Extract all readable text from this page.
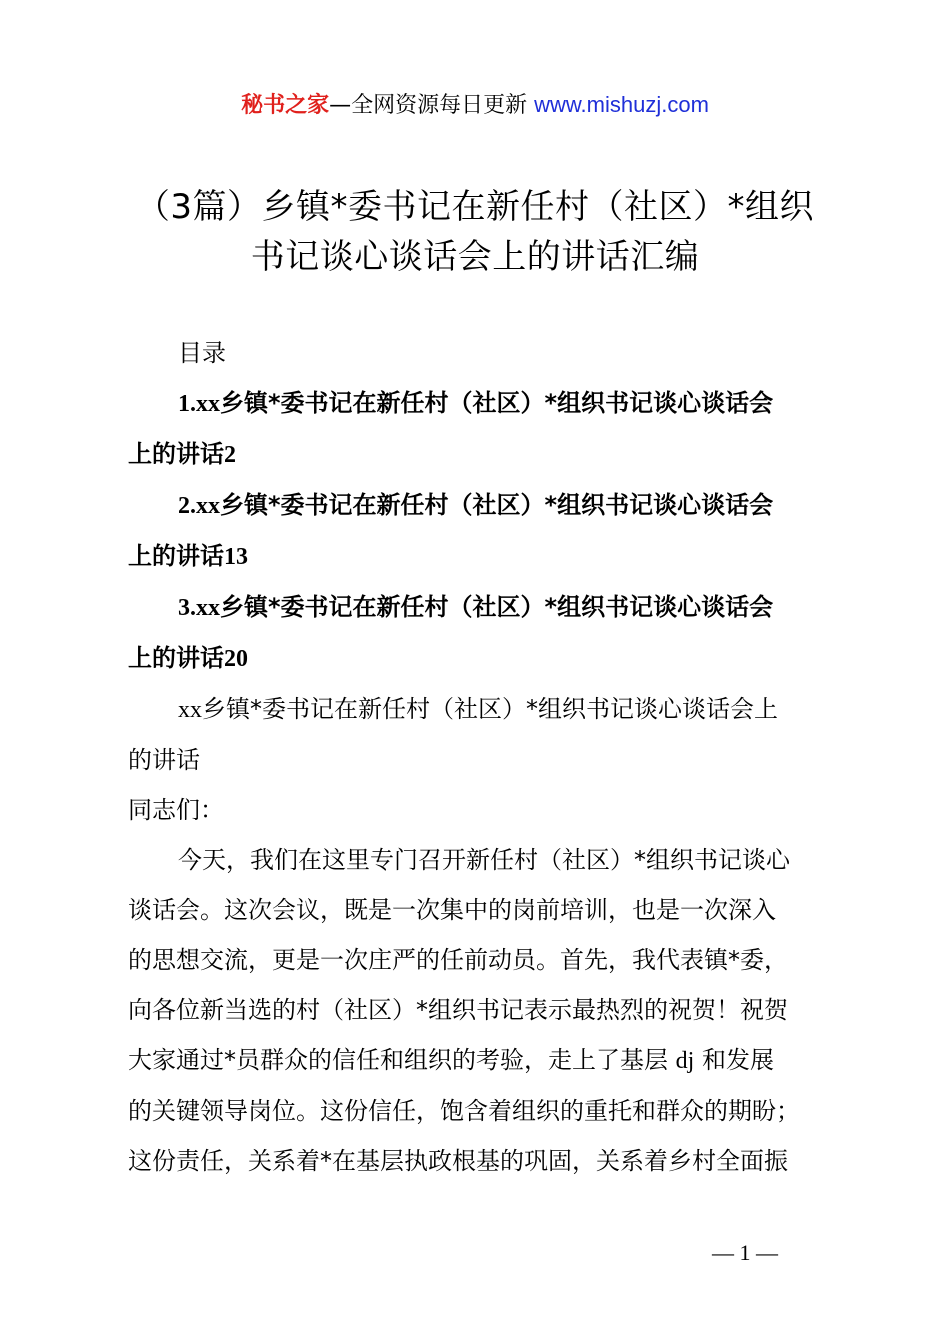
秘书之家—全网资源每日更新 www.mishuzj.com
（3篇）乡镇*委书记在新任村（社区）*组织
书记谈心谈话会上的讲话汇编

目录

1.xx乡镇*委书记在新任村（社区）*组织书记谈心谈话会

上的讲话2

2.xx乡镇*委书记在新任村（社区）*组织书记谈心谈话会

上的讲话13

3.xx乡镇*委书记在新任村（社区）*组织书记谈心谈话会

上的讲话20

xx乡镇*委书记在新任村（社区）*组织书记谈心谈话会上

的讲话

同志们：

今天，我们在这里专门召开新任村（社区）*组织书记谈心

谈话会。这次会议，既是一次集中的岗前培训，也是一次深入

的思想交流，更是一次庄严的任前动员。首先，我代表镇*委，

向各位新当选的村（社区）*组织书记表示最热烈的祝贺！祝贺

大家通过*员群众的信任和组织的考验，走上了基层 dj 和发展

的关键领导岗位。这份信任，饱含着组织的重托和群众的期盼；

这份责任，关系着*在基层执政根基的巩固，关系着乡村全面振

— 1 —
